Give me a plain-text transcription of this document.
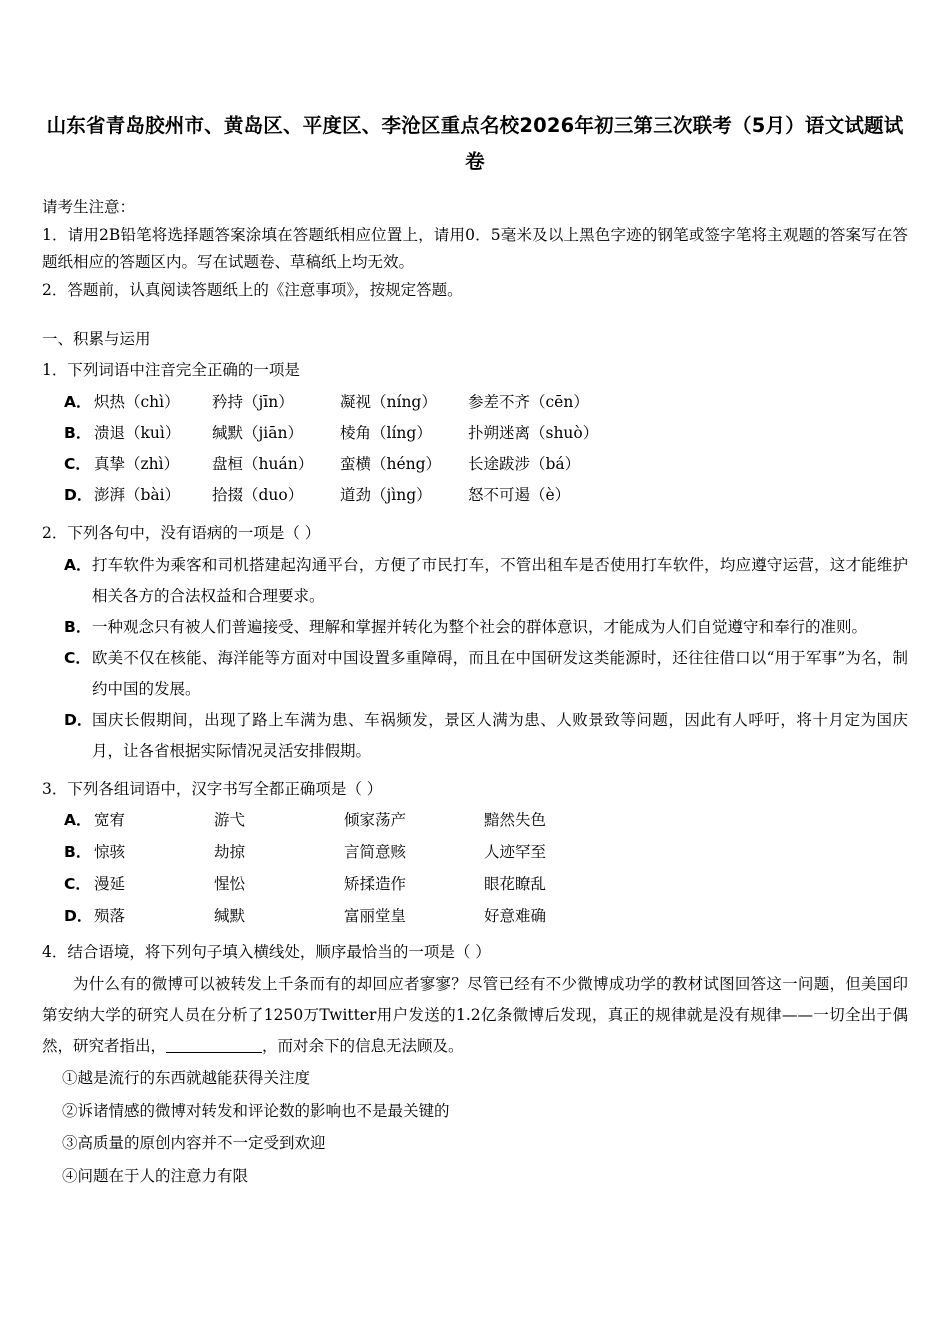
山东省青岛胶州市、黄岛区、平度区、李沧区重点名校2026年初三第三次联考（5月）语文试题试卷

请考生注意：

1．请用2B铅笔将选择题答案涂填在答题纸相应位置上，请用0．5毫米及以上黑色字迹的钢笔或签字笔将主观题的答案写在答题纸相应的答题区内。写在试题卷、草稿纸上均无效。

2．答题前，认真阅读答题纸上的《注意事项》，按规定答题。

一、积累与运用

1．下列词语中注音完全正确的一项是

A． 炽热（chì）	矜持（jīn）	凝视（níng）	参差不齐（cēn）
B． 溃退（kuì）	缄默（jiān）	棱角（líng）	扑朔迷离（shuò）
C． 真挚（zhì）	盘桓（huán）	蛮横（héng）	长途跋涉（bá）
D． 澎湃（bài）	拾掇（duo）	道劲（jìng）	怒不可遏（è）

2．下列各句中，没有语病的一项是（ ）

A． 打车软件为乘客和司机搭建起沟通平台，方便了市民打车，不管出租车是否使用打车软件，均应遵守运营，这才能维护相关各方的合法权益和合理要求。
B． 一种观念只有被人们普遍接受、理解和掌握并转化为整个社会的群体意识，才能成为人们自觉遵守和奉行的准则。
C． 欧美不仅在核能、海洋能等方面对中国设置多重障碍，而且在中国研发这类能源时，还往往借口以“用于军事”为名，制约中国的发展。
D． 国庆长假期间，出现了路上车满为患、车祸频发，景区人满为患、人败景致等问题，因此有人呼吁，将十月定为国庆月，让各省根据实际情况灵活安排假期。

3．下列各组词语中，汉字书写全都正确项是（ ）

A． 宽宥	游弋	倾家荡产	黯然失色
B． 惊骇	劫掠	言简意赅	人迹罕至
C． 漫延	惺忪	矫揉造作	眼花瞭乱
D． 殒落	缄默	富丽堂皇	好意难确

4．结合语境，将下列句子填入横线处，顺序最恰当的一项是（ ）

为什么有的微博可以被转发上千条而有的却回应者寥寥？尽管已经有不少微博成功学的教材试图回答这一问题，但美国印第安纳大学的研究人员在分析了1250万Twitter用户发送的1.2亿条微博后发现，真正的规律就是没有规律——一切全出于偶然，研究者指出，	，而对余下的信息无法顾及。

①越是流行的东西就越能获得关注度

②诉诸情感的微博对转发和评论数的影响也不是最关键的

③高质量的原创内容并不一定受到欢迎

④问题在于人的注意力有限
